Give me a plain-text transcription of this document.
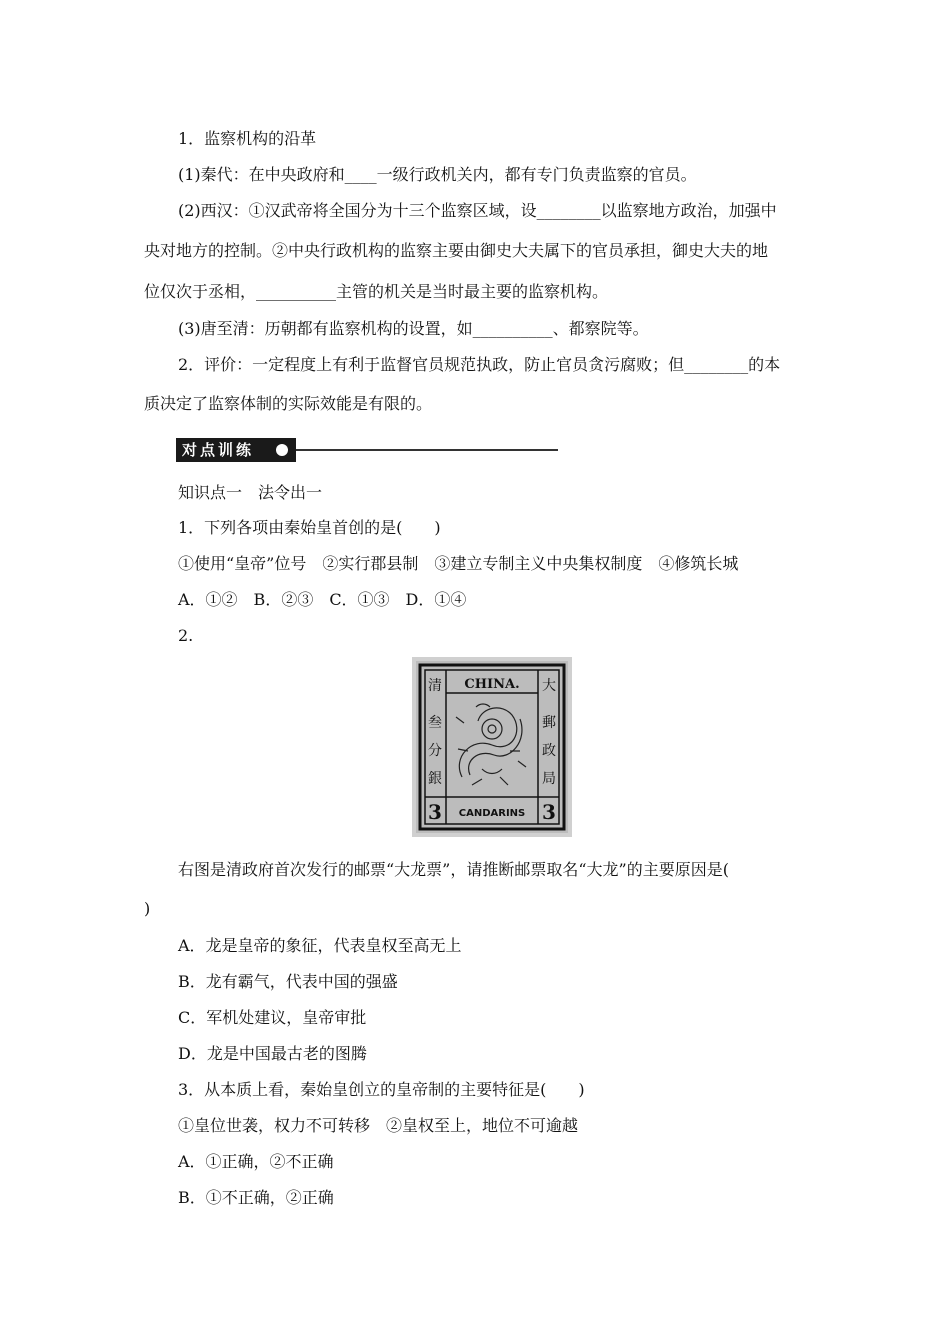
1．监察机构的沿革
(1)秦代：在中央政府和____一级行政机关内，都有专门负责监察的官员。
(2)西汉：①汉武帝将全国分为十三个监察区域，设________以监察地方政治，加强中
央对地方的控制。②中央行政机构的监察主要由御史大夫属下的官员承担，御史大夫的地
位仅次于丞相，__________主管的机关是当时最主要的监察机构。
(3)唐至清：历朝都有监察机构的设置，如__________、都察院等。
2．评价：一定程度上有利于监督官员规范执政，防止官员贪污腐败；但________的本
质决定了监察体制的实际效能是有限的。
对点训练
知识点一　法令出一
1．下列各项由秦始皇首创的是(　　)
①使用“皇帝”位号　②实行郡县制　③建立专制主义中央集权制度　④修筑长城
A．①②　B．②③　C．①③　D．①④
2.
CHINA.
CANDARINS
3	3
清
叁
分
銀
大
郵
政
局
右图是清政府首次发行的邮票“大龙票”，请推断邮票取名“大龙”的主要原因是(
)
A．龙是皇帝的象征，代表皇权至高无上
B．龙有霸气，代表中国的强盛
C．军机处建议，皇帝审批
D．龙是中国最古老的图腾
3．从本质上看，秦始皇创立的皇帝制的主要特征是(　　)
①皇位世袭，权力不可转移　②皇权至上，地位不可逾越
A．①正确，②不正确
B．①不正确，②正确
